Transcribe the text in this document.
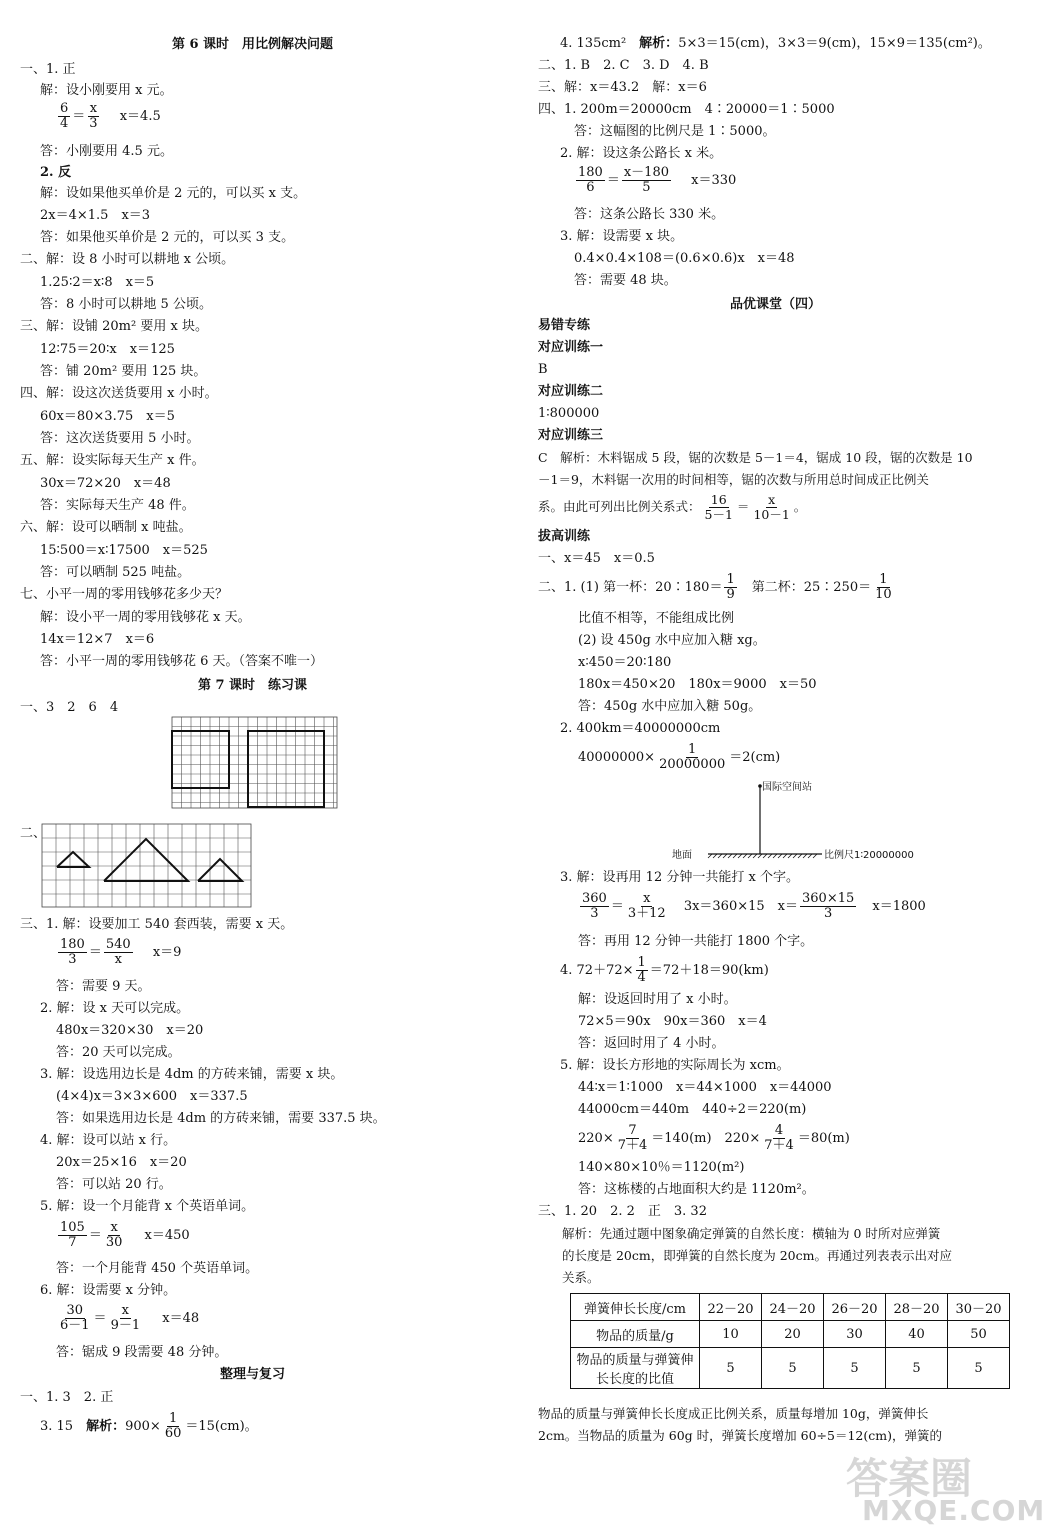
第 6 课时　用比例解决问题
一、1. 正
解：设小刚要用 x 元。
$\frac{6}{4} = \frac{x}{3} x=4.5$
答：小刚要用 4.5 元。
2. 反
解：设如果他买单价是 2 元的，可以买 x 支。
2x＝4×1.5　x＝3
答：如果他买单价是 2 元的，可以买 3 支。
二、解：设 8 小时可以耕地 x 公顷。
1.25∶2＝x∶8　x＝5
答：8 小时可以耕地 5 公顷。
三、解：设铺 20m² 要用 x 块。
12∶75＝20∶x　x＝125
答：铺 20m² 要用 125 块。
四、解：设这次送货要用 x 小时。
60x＝80×3.75　x＝5
答：这次送货要用 5 小时。
五、解：设实际每天生产 x 件。
30x＝72×20　x＝48
答：实际每天生产 48 件。
六、解：设可以晒制 x 吨盐。
15∶500＝x∶17500　x＝525
答：可以晒制 525 吨盐。
七、小平一周的零用钱够花多少天？
解：设小平一周的零用钱够花 x 天。
14x＝12×7　x＝6
答：小平一周的零用钱够花 6 天。（答案不唯一）
第 7 课时　练习课
一、3　2　6　4
二、
三、1. 解：设要加工 540 套西装，需要 x 天。
$\frac{180}{3} = \frac{540}{x} x=9$
答：需要 9 天。
2. 解：设 x 天可以完成。
480x＝320×30　x＝20
答：20 天可以完成。
3. 解：设选用边长是 4dm 的方砖来铺，需要 x 块。
(4×4)x＝3×3×600　x＝337.5
答：如果选用边长是 4dm 的方砖来铺，需要 337.5 块。
4. 解：设可以站 x 行。
20x＝25×16　x＝20
答：可以站 20 行。
5. 解：设一个月能背 x 个英语单词。
$\frac{105}{7} = \frac{x}{30} x=450$
答：一个月能背 450 个英语单词。
6. 解：设需要 x 分钟。
$\frac{30}{6-1} = \frac{x}{9-1} x=48$
答：锯成 9 段需要 48 分钟。
整理与复习
一、1. 3　2. 正
3. 15　解析：$900\times \frac{1}{60} =15(cm)$。
4. 135cm²　解析：5×3＝15(cm)，3×3＝9(cm)，15×9＝135(cm²)。
二、1. B　2. C　3. D　4. B
三、解：x＝43.2　解：x＝6
四、1. 200m＝20000cm　4∶20000＝1∶5000
答：这幅图的比例尺是 1∶5000。
2. 解：设这条公路长 x 米。
$\frac{180}{6} = \frac{x-180}{5} x=330$
答：这条公路长 330 米。
3. 解：设需要 x 块。
0.4×0.4×108＝(0.6×0.6)x　x＝48
答：需要 48 块。
品优课堂（四）
易错专练
对应训练一
B
对应训练二
1∶800000
对应训练三
C　解析：木料锯成 5 段，锯的次数是 5－1＝4，锯成 10 段，锯的次数是 10
－1＝9，木料锯一次用的时间相等，锯的次数与所用总时间成正比例关
系。由此可列出比例关系式： $\frac{16}{5-1} = \frac{x}{10-1}$ 。
拔高训练
一、x＝45　x＝0.5
二、1. (1) 第一杯：20∶180＝ $\frac{1}{9}$ 　第二杯：25∶250＝ $\frac{1}{10}$
比值不相等，不能组成比例
(2) 设 450g 水中应加入糖 xg。
x∶450＝20∶180
180x＝450×20　180x＝9000　x＝50
答：450g 水中应加入糖 50g。
2. 400km＝40000000cm
$40000000\times \frac{1}{20000000} =2(cm)$
国际空间站
地面	比例尺1∶20000000
3. 解：设再用 12 分钟一共能打 x 个字。
$\frac{360}{3} = \frac{x}{3+12} 3x=360\times 15$　$x= \frac{360\times 15}{3} x=1800$
答：再用 12 分钟一共能打 1800 个字。
4. $72+72\times \frac{1}{4} =72+18=90(km)$
解：设返回时用了 x 小时。
72×5＝90x　90x＝360　x＝4
答：返回时用了 4 小时。
5. 解：设长方形地的实际周长为 xcm。
44∶x＝1∶1000　x＝44×1000　x＝44000
44000cm＝440m　440÷2＝220(m)
$220\times \frac{7}{7+4} =140(m)$　$220\times \frac{4}{7+4} =80(m)$
140×80×10％＝1120(m²)
答：这栋楼的占地面积大约是 1120m²。
三、1. 20　2. 2　正　3. 32
解析：先通过题中图象确定弹簧的自然长度：横轴为 0 时所对应弹簧
的长度是 20cm，即弹簧的自然长度为 20cm。再通过列表表示出对应
关系。
弹簧伸长长度/cm	22－20	24－20	26－20	28－20	30－20
物品的质量/g	10	20	30	40	50
物品的质量与弹簧伸长长度的比值	5	5	5	5	5
物品的质量与弹簧伸长长度成正比例关系，质量每增加 10g，弹簧伸长
2cm。当物品的质量为 60g 时，弹簧长度增加 60÷5＝12(cm)，弹簧的
答案圈
MXQE.COM
